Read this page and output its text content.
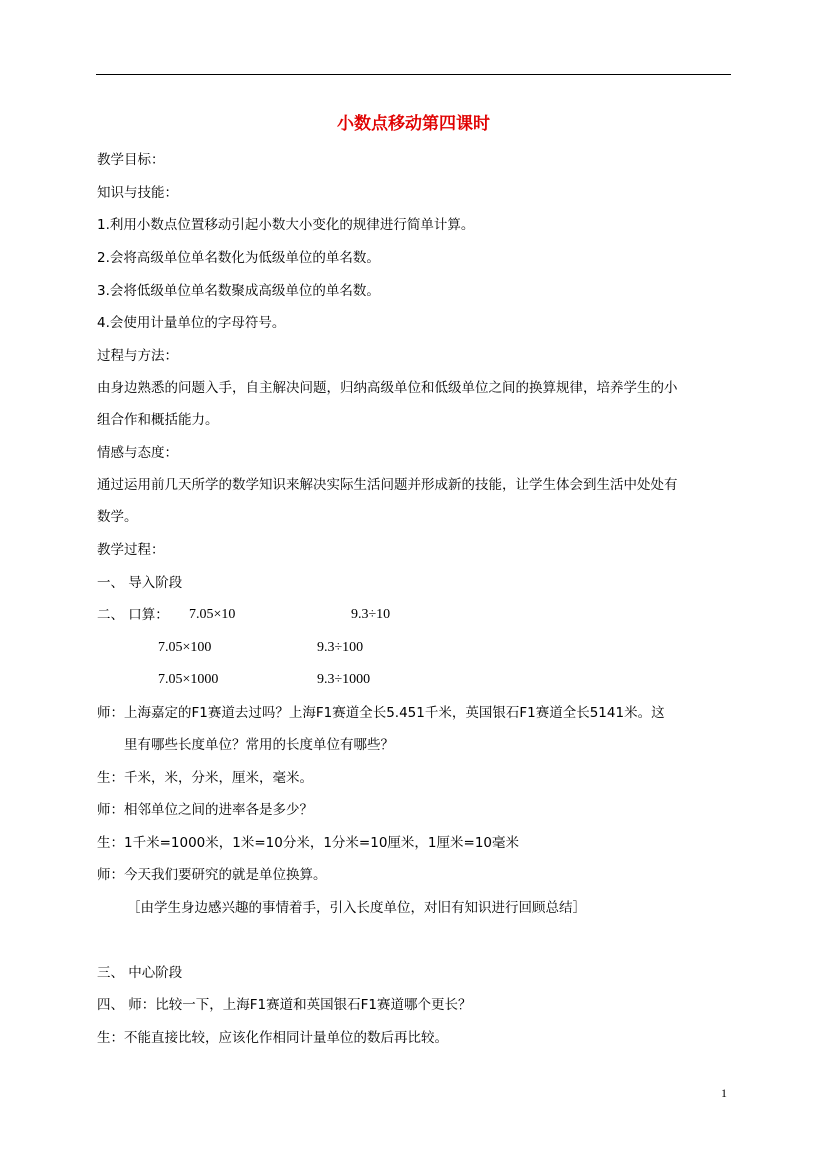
小数点移动第四课时
教学目标：
知识与技能：
1.利用小数点位置移动引起小数大小变化的规律进行简单计算。
2.会将高级单位单名数化为低级单位的单名数。
3.会将低级单位单名数聚成高级单位的单名数。
4.会使用计量单位的字母符号。
过程与方法：
由身边熟悉的问题入手，自主解决问题，归纳高级单位和低级单位之间的换算规律，培养学生的小
组合作和概括能力。
情感与态度：
通过运用前几天所学的数学知识来解决实际生活问题并形成新的技能，让学生体会到生活中处处有
数学。
教学过程：
一、 导入阶段
二、 口算： 7.05×10	9.3÷10
7.05×100	9.3÷100
7.05×1000	9.3÷1000
师：上海嘉定的F1赛道去过吗？上海F1赛道全长5.451千米，英国银石F1赛道全长5141米。这
里有哪些长度单位？常用的长度单位有哪些？
生：千米，米，分米，厘米，毫米。
师：相邻单位之间的进率各是多少？
生：1千米=1000米，1米=10分米，1分米=10厘米，1厘米=10毫米
师：今天我们要研究的就是单位换算。
［由学生身边感兴趣的事情着手，引入长度单位，对旧有知识进行回顾总结］
三、 中心阶段
四、 师：比较一下，上海F1赛道和英国银石F1赛道哪个更长？
生：不能直接比较，应该化作相同计量单位的数后再比较。
1
